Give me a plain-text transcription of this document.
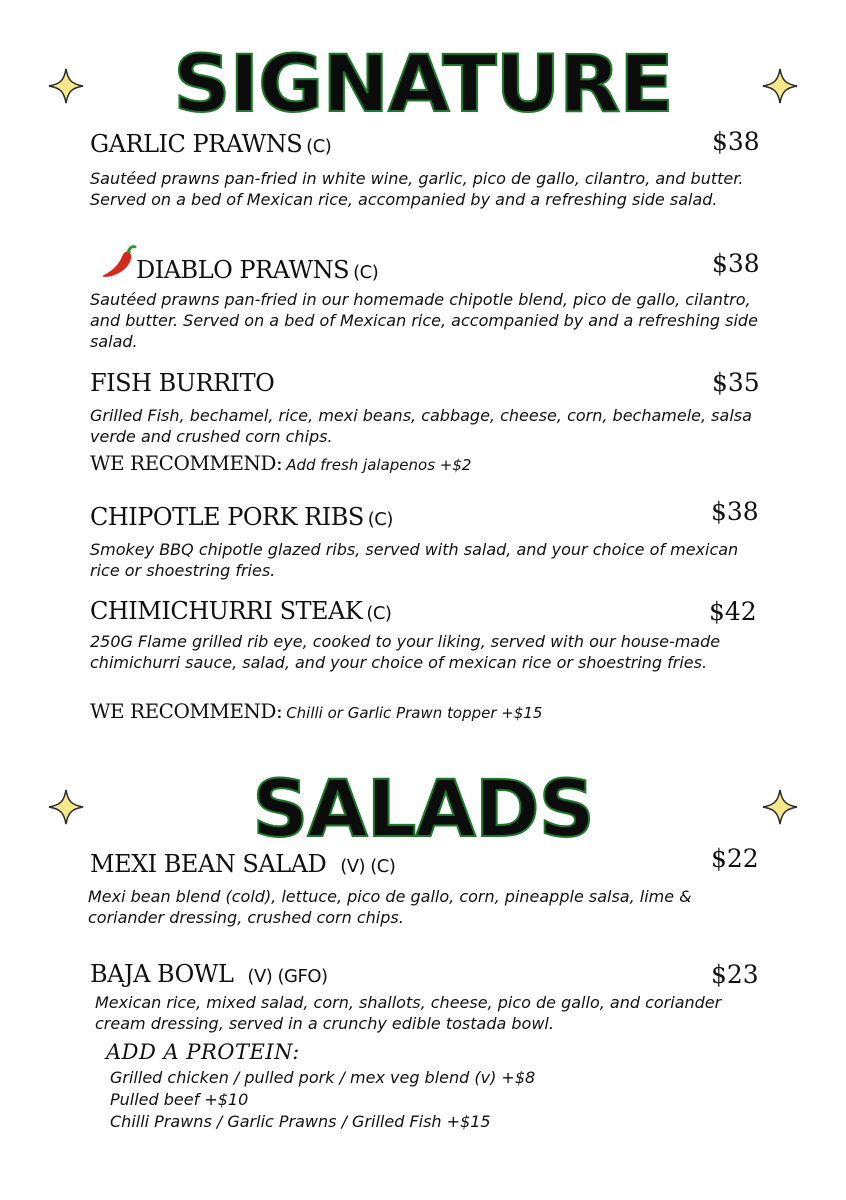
SIGNATURE
GARLIC PRAWNS (C)	$38
Sautéed prawns pan-fried in white wine, garlic, pico de gallo, cilantro, and butter. Served on a bed of Mexican rice, accompanied by and a refreshing side salad.
DIABLO PRAWNS (C)	$38
Sautéed prawns pan-fried in our homemade chipotle blend, pico de gallo, cilantro, and butter. Served on a bed of Mexican rice, accompanied by and a refreshing side salad.
FISH BURRITO	$35
Grilled Fish, bechamel, rice, mexi beans, cabbage, cheese, corn, bechamele, salsa verde and crushed corn chips.
WE RECOMMEND: Add fresh jalapenos +$2
CHIPOTLE PORK RIBS (C)	$38
Smokey BBQ chipotle glazed ribs, served with salad, and your choice of mexican rice or shoestring fries.
CHIMICHURRI STEAK (C)	$42
250G Flame grilled rib eye, cooked to your liking, served with our house-made chimichurri sauce, salad, and your choice of mexican rice or shoestring fries.
WE RECOMMEND: Chilli or Garlic Prawn topper +$15
SALADS
MEXI BEAN SALAD (V) (C)	$22
Mexi bean blend (cold), lettuce, pico de gallo, corn, pineapple salsa, lime & coriander dressing, crushed corn chips.
BAJA BOWL (V) (GFO)	$23
Mexican rice, mixed salad, corn, shallots, cheese, pico de gallo, and coriander cream dressing, served in a crunchy edible tostada bowl.
ADD A PROTEIN:
Grilled chicken / pulled pork / mex veg blend (v) +$8
Pulled beef +$10
Chilli Prawns / Garlic Prawns / Grilled Fish +$15
